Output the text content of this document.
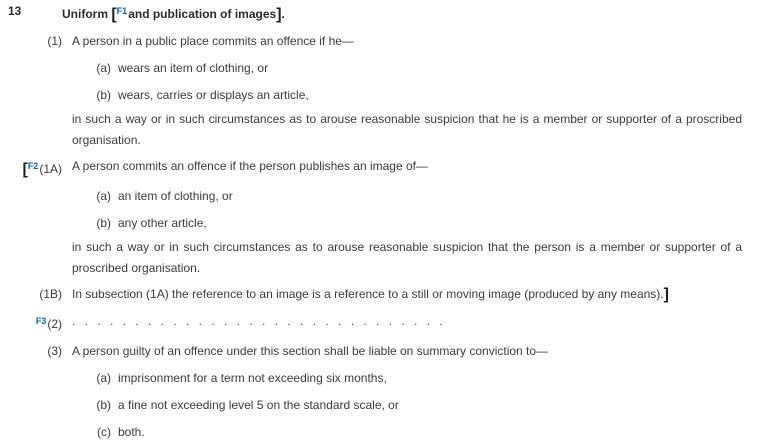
13	Uniform [$^{F1}$and publication of images].
(1) A person in a public place commits an offence if he—
(a) wears an item of clothing, or
(b) wears, carries or displays an article,
in such a way or in such circumstances as to arouse reasonable suspicion that he is a member or supporter of a proscribed organisation.
[$^{F2}$(1A) A person commits an offence if the person publishes an image of—
(a) an item of clothing, or
(b) any other article,
in such a way or in such circumstances as to arouse reasonable suspicion that the person is a member or supporter of a proscribed organisation.
(1B) In subsection (1A) the reference to an image is a reference to a still or moving image (produced by any means).]
$^{F3}$(2) . . . . . . . . . . . . . . . . . . . . . . . . . . . . . .
(3) A person guilty of an offence under this section shall be liable on summary conviction to—
(a) imprisonment for a term not exceeding six months,
(b) a fine not exceeding level 5 on the standard scale, or
(c) both.
